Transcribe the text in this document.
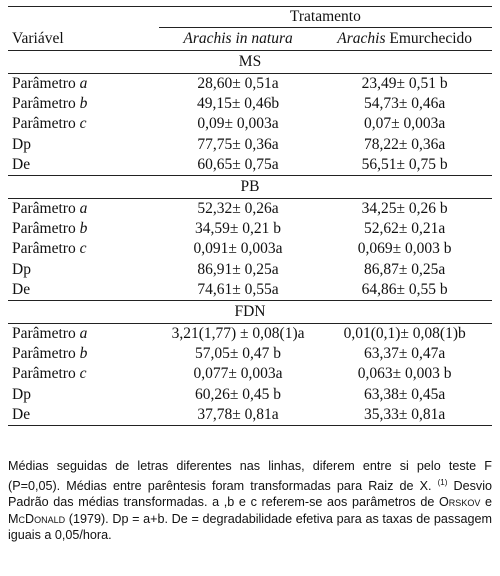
	Tratamento	
Variável	Arachis in natura	Arachis Emurchecido
MS		
Parâmetro a	28,60± 0,51a	23,49± 0,51 b
Parâmetro b	49,15± 0,46b	54,73± 0,46a
Parâmetro c	0,09± 0,003a	0,07± 0,003a
Dp	77,75± 0,36a	78,22± 0,36a
De	60,65± 0,75a	56,51± 0,75 b
PB		
Parâmetro a	52,32± 0,26a	34,25± 0,26 b
Parâmetro b	34,59± 0,21 b	52,62± 0,21a
Parâmetro c	0,091± 0,003a	0,069± 0,003 b
Dp	86,91± 0,25a	86,87± 0,25a
De	74,61± 0,55a	64,86± 0,55 b
FDN		
Parâmetro a	3,21(1,77) ± 0,08(1)a	0,01(0,1)± 0,08(1)b
Parâmetro b	57,05± 0,47 b	63,37± 0,47a
Parâmetro c	0,077± 0,003a	0,063± 0,003 b
Dp	60,26± 0,45 b	63,38± 0,45a
De	37,78± 0,81a	35,33± 0,81a
Médias seguidas de letras diferentes nas linhas, diferem entre si pelo teste F (P=0,05). Médias entre parêntesis foram transformadas para Raiz de X. $^{(1)}$ Desvio Padrão das médias transformadas. a ,b e c referem-se aos parâmetros de Orskov e McDonald (1979). Dp = a+b. De = degradabilidade efetiva para as taxas de passagem iguais a 0,05/hora.
